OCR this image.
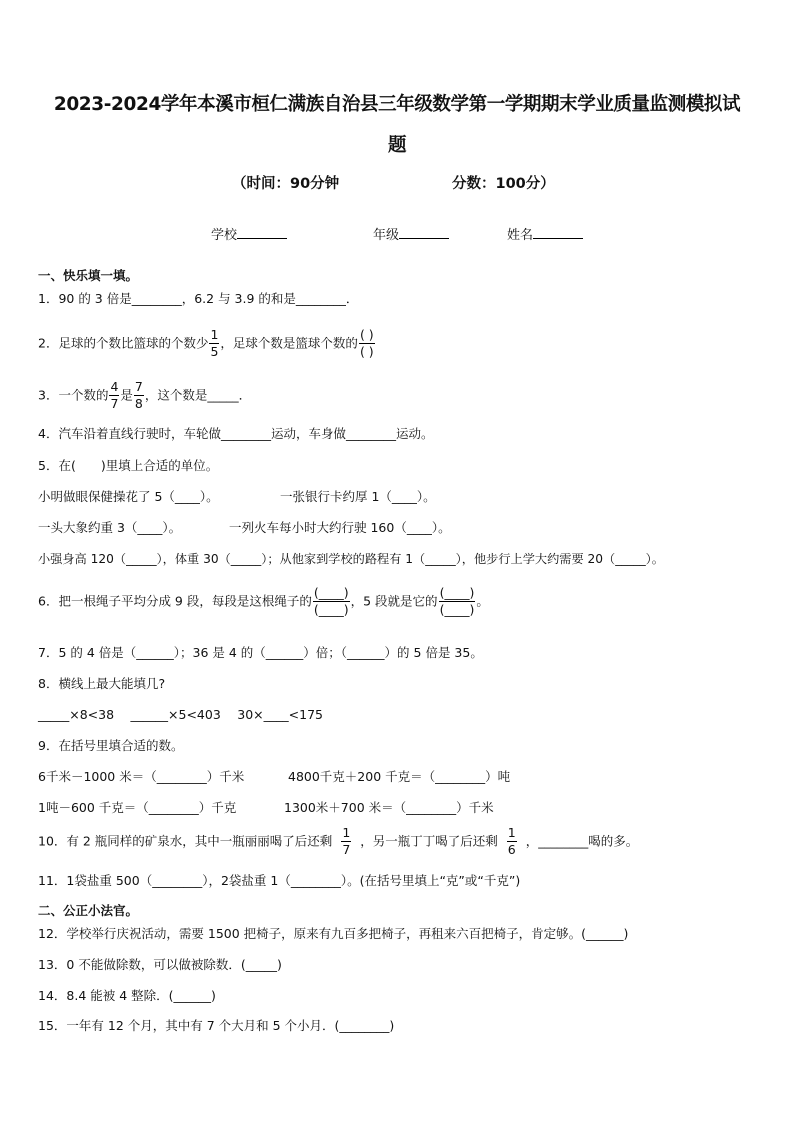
2023-2024学年本溪市桓仁满族自治县三年级数学第一学期期末学业质量监测模拟试
题
（时间：90分钟	分数：100分）
学校	年级	姓名
一、快乐填一填。
1．90 的 3 倍是________，6.2 与 3.9 的和是________．
2．足球的个数比篮球的个数少 $\frac{1}{5}$ ，足球个数是篮球个数的 $\frac{( )}{( )}$
3．一个数的 $\frac{4}{7}$ 是 $\frac{7}{8}$ ，这个数是_____．
4．汽车沿着直线行驶时，车轮做________运动，车身做________运动。
5．在(　　)里填上合适的单位。
小明做眼保健操花了 5（____）。	一张银行卡约厚 1（____）。
一头大象约重 3（____）。	一列火车每小时大约行驶 160（____）。
小强身高 120（_____），体重 30（_____）；从他家到学校的路程有 1（_____），他步行上学大约需要 20（_____）。
6．把一根绳子平均分成 9 段，每段是这根绳子的 $\frac{(\_\_\_\_)}{(\_\_\_\_)}$ ，5 段就是它的 $\frac{(\_\_\_\_)}{(\_\_\_\_)}$ 。
7．5 的 4 倍是（______）；36 是 4 的（______）倍；（______）的 5 倍是 35。
8．横线上最大能填几?
_____×8<38 　______×5<403 　30×____<175
9．在括号里填合适的数。
6千米－1000 米＝（________）千米	4800千克＋200 千克＝（________）吨
1吨－600 千克＝（________）千克	1300米＋700 米＝（________）千米
10．有 2 瓶同样的矿泉水，其中一瓶丽丽喝了后还剩 $\frac{1}{7}$ ，另一瓶丁丁喝了后还剩 $\frac{1}{6}$ ，________喝的多。
11．1袋盐重 500（________），2袋盐重 1（________）。(在括号里填上“克”或“千克”)
二、公正小法官。
12．学校举行庆祝活动，需要 1500 把椅子，原来有九百多把椅子，再租来六百把椅子，肯定够。(______)
13．0 不能做除数，可以做被除数．(_____)
14．8.4 能被 4 整除．(______)
15．一年有 12 个月，其中有 7 个大月和 5 个小月．(________)
